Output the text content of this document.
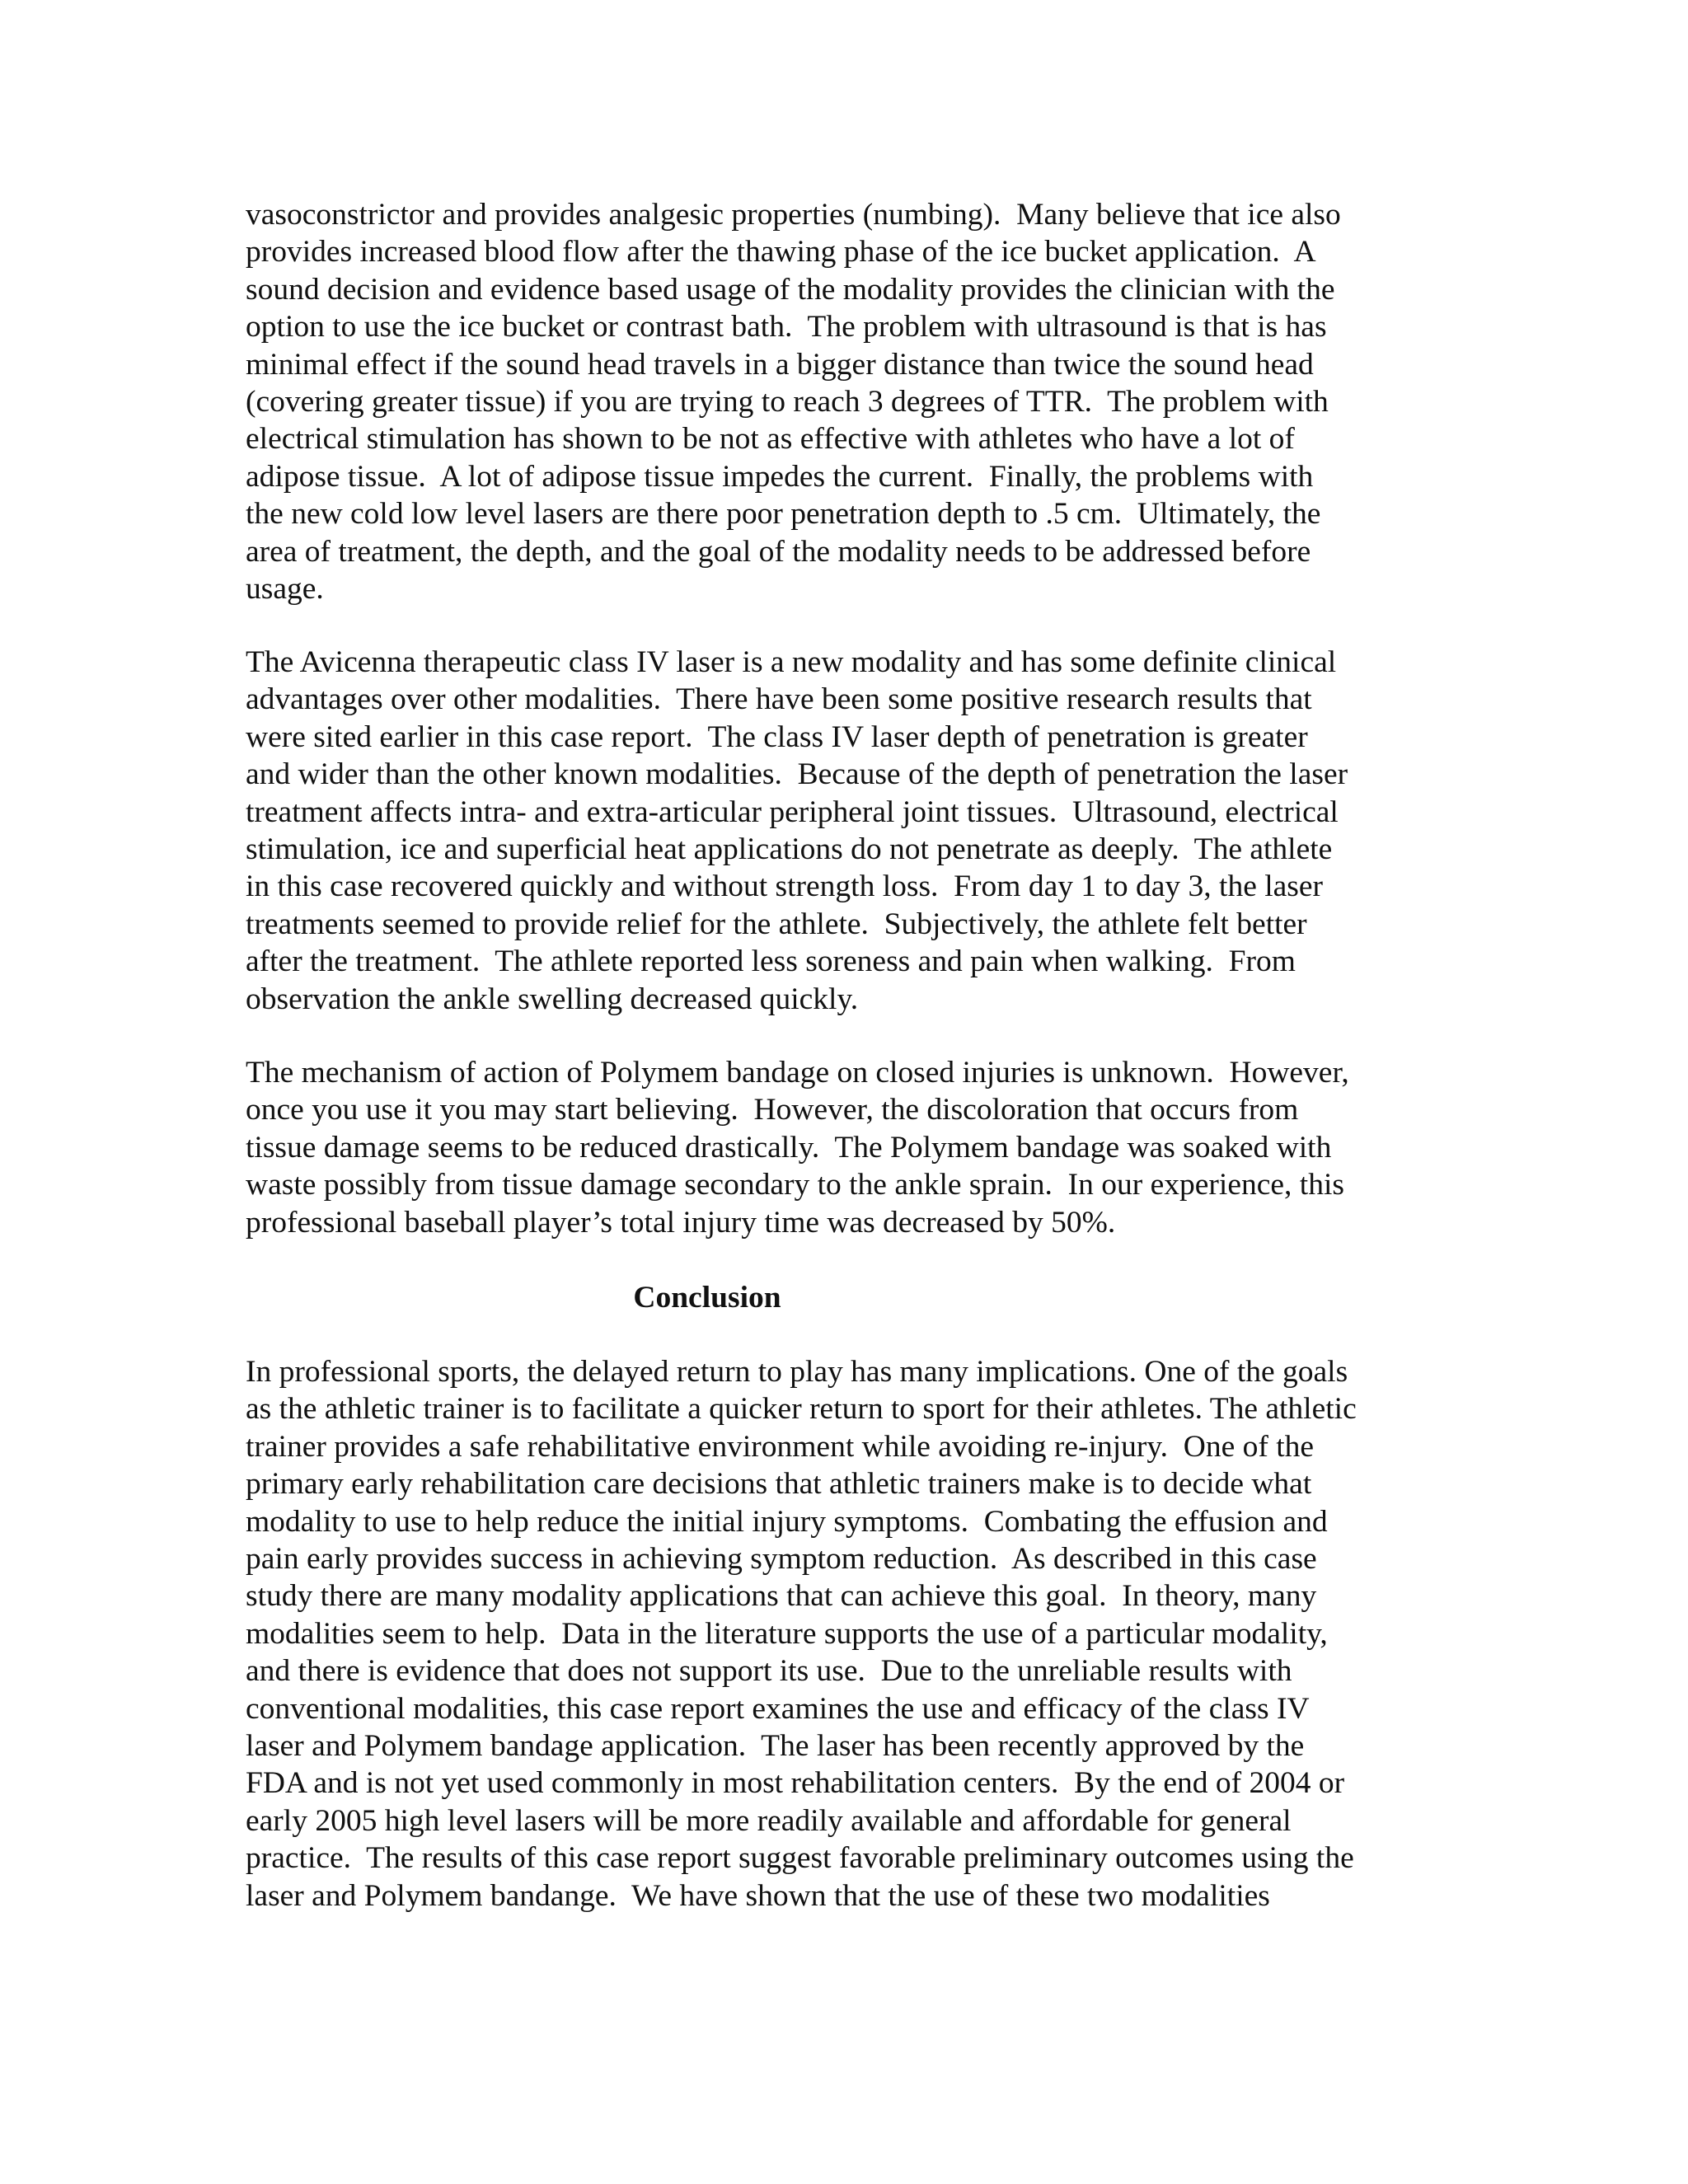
vasoconstrictor and provides analgesic properties (numbing).  Many believe that ice also
provides increased blood flow after the thawing phase of the ice bucket application.  A
sound decision and evidence based usage of the modality provides the clinician with the
option to use the ice bucket or contrast bath.  The problem with ultrasound is that is has
minimal effect if the sound head travels in a bigger distance than twice the sound head
(covering greater tissue) if you are trying to reach 3 degrees of TTR.  The problem with
electrical stimulation has shown to be not as effective with athletes who have a lot of
adipose tissue.  A lot of adipose tissue impedes the current.  Finally, the problems with
the new cold low level lasers are there poor penetration depth to .5 cm.  Ultimately, the
area of treatment, the depth, and the goal of the modality needs to be addressed before
usage.
The Avicenna therapeutic class IV laser is a new modality and has some definite clinical
advantages over other modalities.  There have been some positive research results that
were sited earlier in this case report.  The class IV laser depth of penetration is greater
and wider than the other known modalities.  Because of the depth of penetration the laser
treatment affects intra- and extra-articular peripheral joint tissues.  Ultrasound, electrical
stimulation, ice and superficial heat applications do not penetrate as deeply.  The athlete
in this case recovered quickly and without strength loss.  From day 1 to day 3, the laser
treatments seemed to provide relief for the athlete.  Subjectively, the athlete felt better
after the treatment.  The athlete reported less soreness and pain when walking.  From
observation the ankle swelling decreased quickly.
The mechanism of action of Polymem bandage on closed injuries is unknown.  However,
once you use it you may start believing.  However, the discoloration that occurs from
tissue damage seems to be reduced drastically.  The Polymem bandage was soaked with
waste possibly from tissue damage secondary to the ankle sprain.  In our experience, this
professional baseball player’s total injury time was decreased by 50%.
Conclusion
In professional sports, the delayed return to play has many implications. One of the goals
as the athletic trainer is to facilitate a quicker return to sport for their athletes. The athletic
trainer provides a safe rehabilitative environment while avoiding re-injury.  One of the
primary early rehabilitation care decisions that athletic trainers make is to decide what
modality to use to help reduce the initial injury symptoms.  Combating the effusion and
pain early provides success in achieving symptom reduction.  As described in this case
study there are many modality applications that can achieve this goal.  In theory, many
modalities seem to help.  Data in the literature supports the use of a particular modality,
and there is evidence that does not support its use.  Due to the unreliable results with
conventional modalities, this case report examines the use and efficacy of the class IV
laser and Polymem bandage application.  The laser has been recently approved by the
FDA and is not yet used commonly in most rehabilitation centers.  By the end of 2004 or
early 2005 high level lasers will be more readily available and affordable for general
practice.  The results of this case report suggest favorable preliminary outcomes using the
laser and Polymem bandange.  We have shown that the use of these two modalities
